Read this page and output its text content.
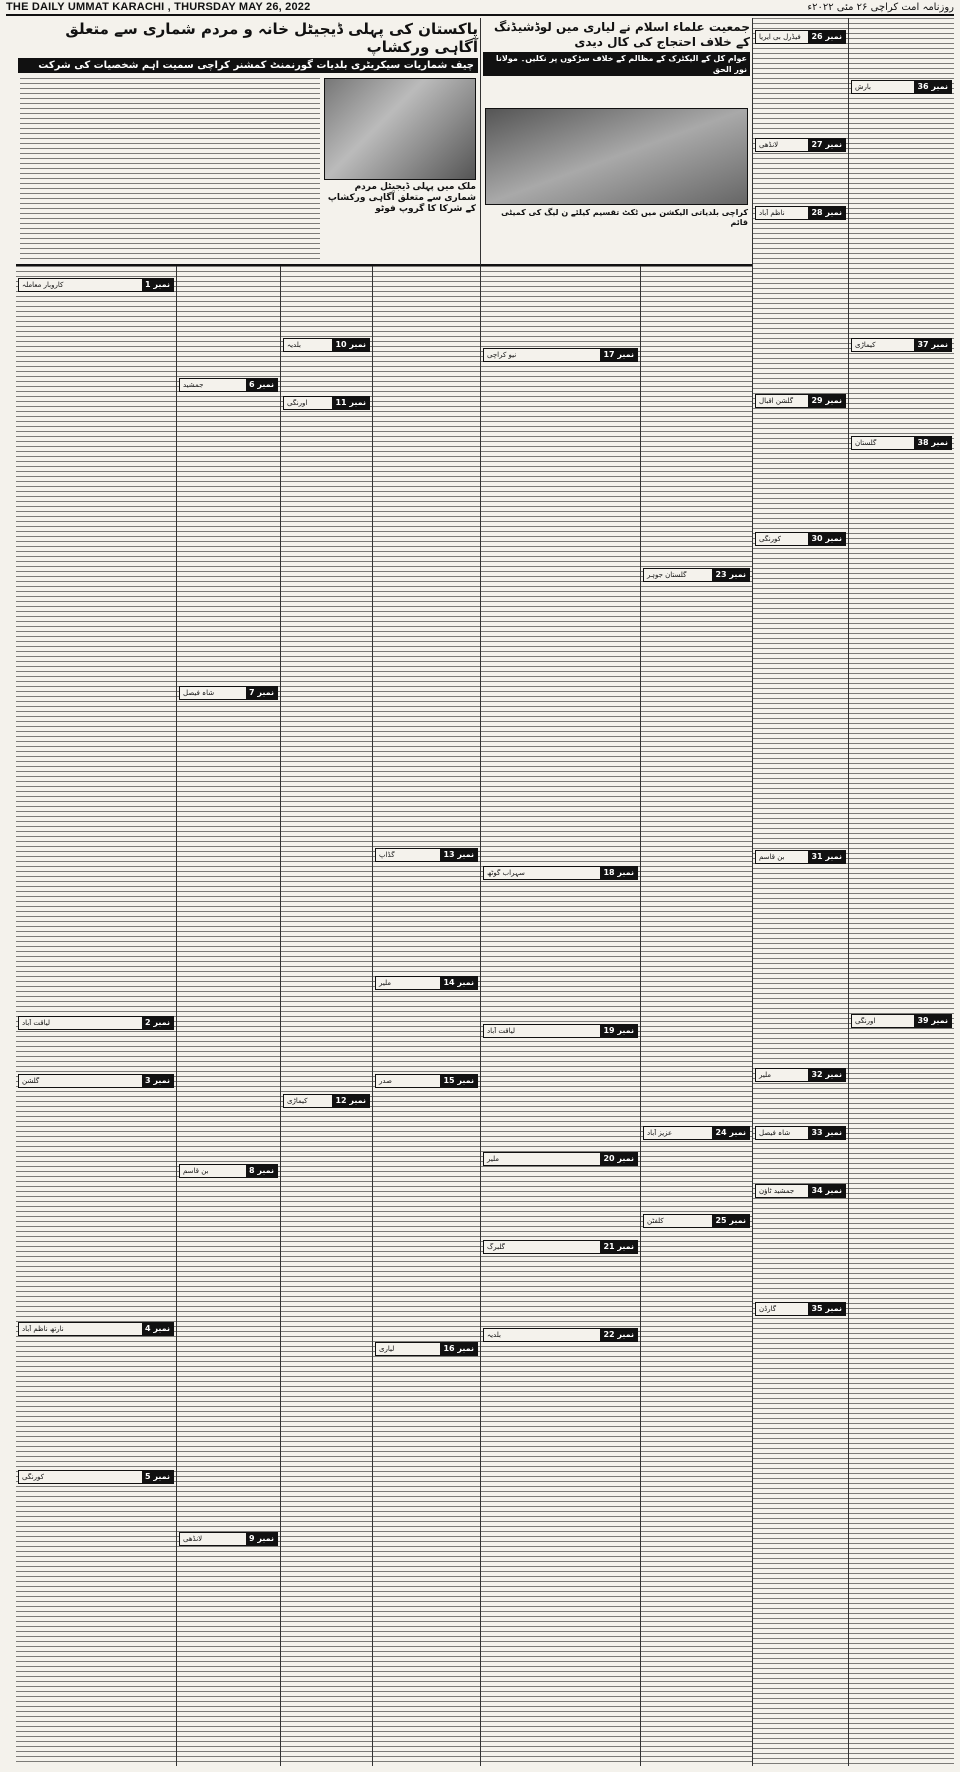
THE DAILY UMMAT KARACHI , THURSDAY MAY 26, 2022	روزنامہ امت کراچی ۲۶ مئی ۲۰۲۲ء
پاکستان کی پہلی ڈیجیٹل خانہ و مردم شماری سے متعلق آگاہی ورکشاپ
چیف شماریات سیکریٹری بلدیات گورنمنٹ کمشنر کراچی سمیت اہم شخصیات کی شرکت
ملک میں پہلی ڈیجیٹل مردم شماری سے متعلق آگاہی ورکشاپ کے شرکا کا گروپ فوٹو
جمعیت علماء اسلام نے لیاری میں لوڈشیڈنگ کے خلاف احتجاج کی کال دیدی
عوام کل کے الیکٹرک کے مظالم کے خلاف سڑکوں پر نکلیں۔ مولانا نور الحق
کراچی بلدیاتی الیکشن میں ٹکٹ تقسیم کیلئے ن لیگ کی کمیٹی قائم
نمبر 36
بارش
نمبر 37
کیماڑی
نمبر 38
گلستان
نمبر 39
اورنگی
نمبر 26
فیڈرل بی ایریا
نمبر 27
لانڈھی
نمبر 28
ناظم آباد
نمبر 29
گلشن اقبال
نمبر 30
کورنگی
نمبر 31
بن قاسم
نمبر 32
ملیر
نمبر 33
شاہ فیصل
نمبر 34
جمشید ٹاؤن
نمبر 35
گارڈن
نمبر 23
گلستان جوہر
نمبر 24
عزیز آباد
نمبر 25
کلفٹن
نمبر 17
نیو کراچی
نمبر 18
سہراب گوٹھ
نمبر 19
لیاقت آباد
نمبر 20
ملیر
نمبر 21
گلبرگ
نمبر 22
بلدیہ
نمبر 13
گڈاپ
نمبر 14
ملیر
نمبر 15
صدر
نمبر 16
لیاری
نمبر 10
بلدیہ
نمبر 11
اورنگی
نمبر 12
کیماڑی
نمبر 6
جمشید
نمبر 7
شاہ فیصل
نمبر 8
بن قاسم
نمبر 9
لانڈھی
نمبر 1
کاروبار معاملہ
نمبر 2
لیاقت آباد
نمبر 3
گلشن
نمبر 4
نارتھ ناظم آباد
نمبر 5
کورنگی
